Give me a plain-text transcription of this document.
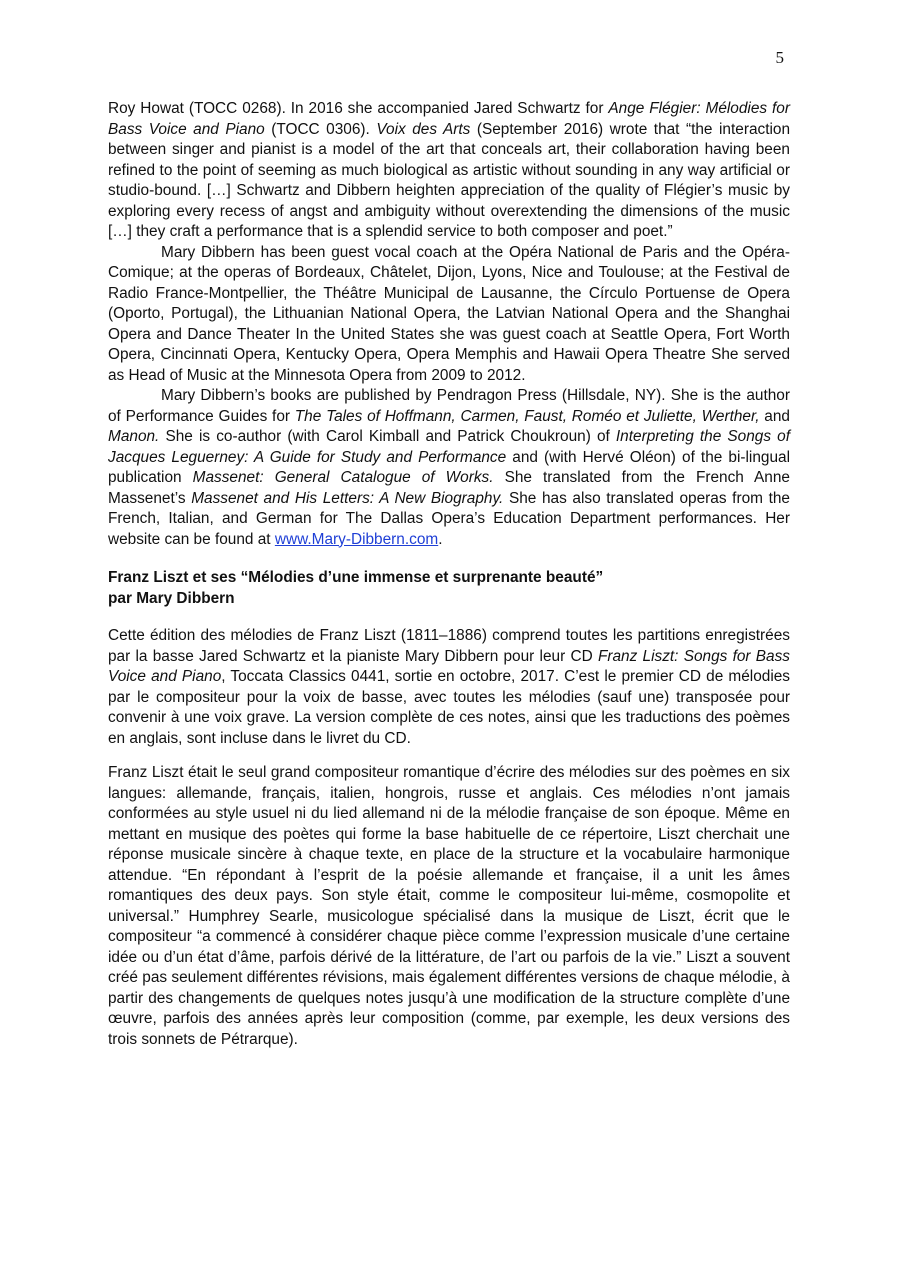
5

Roy Howat (TOCC 0268). In 2016 she accompanied Jared Schwartz for Ange Flégier: Mélodies for Bass Voice and Piano (TOCC 0306). Voix des Arts (September 2016) wrote that “the interaction between singer and pianist is a model of the art that conceals art, their collaboration having been refined to the point of seeming as much biological as artistic without sounding in any way artificial or studio-bound. […] Schwartz and Dibbern heighten appreciation of the quality of Flégier’s music by exploring every recess of angst and ambiguity without overextending the dimensions of the music […] they craft a performance that is a splendid service to both composer and poet.”

Mary Dibbern has been guest vocal coach at the Opéra National de Paris and the Opéra-Comique; at the operas of Bordeaux, Châtelet, Dijon, Lyons, Nice and Toulouse; at the Festival de Radio France-Montpellier, the Théâtre Municipal de Lausanne, the Círculo Portuense de Opera (Oporto, Portugal), the Lithuanian National Opera, the Latvian National Opera and the Shanghai Opera and Dance Theater In the United States she was guest coach at Seattle Opera, Fort Worth Opera, Cincinnati Opera, Kentucky Opera, Opera Memphis and Hawaii Opera Theatre She served as Head of Music at the Minnesota Opera from 2009 to 2012.

Mary Dibbern’s books are published by Pendragon Press (Hillsdale, NY). She is the author of Performance Guides for The Tales of Hoffmann, Carmen, Faust, Roméo et Juliette, Werther, and Manon. She is co-author (with Carol Kimball and Patrick Choukroun) of Interpreting the Songs of Jacques Leguerney: A Guide for Study and Performance and (with Hervé Oléon) of the bi-lingual publication Massenet: General Catalogue of Works. She translated from the French Anne Massenet’s Massenet and His Letters: A New Biography. She has also translated operas from the French, Italian, and German for The Dallas Opera’s Education Department performances. Her website can be found at www.Mary-Dibbern.com.

Franz Liszt et ses “Mélodies d’une immense et surprenante beauté”

par Mary Dibbern

Cette édition des mélodies de Franz Liszt (1811–1886) comprend toutes les partitions enregistrées par la basse Jared Schwartz et la pianiste Mary Dibbern pour leur CD Franz Liszt: Songs for Bass Voice and Piano, Toccata Classics 0441, sortie en octobre, 2017. C’est le premier CD de mélodies par le compositeur pour la voix de basse, avec toutes les mélodies (sauf une) transposée pour convenir à une voix grave. La version complète de ces notes, ainsi que les traductions des poèmes en anglais, sont incluse dans le livret du CD.

Franz Liszt était le seul grand compositeur romantique d’écrire des mélodies sur des poèmes en six langues: allemande, français, italien, hongrois, russe et anglais. Ces mélodies n’ont jamais conformées au style usuel ni du lied allemand ni de la mélodie française de son époque. Même en mettant en musique des poètes qui forme la base habituelle de ce répertoire, Liszt cherchait une réponse musicale sincère à chaque texte, en place de la structure et la vocabulaire harmonique attendue. “En répondant à l’esprit de la poésie allemande et française, il a unit les âmes romantiques des deux pays. Son style était, comme le compositeur lui-même, cosmopolite et universal.” Humphrey Searle, musicologue spécialisé dans la musique de Liszt, écrit que le compositeur “a commencé à considérer chaque pièce comme l’expression musicale d’une certaine idée ou d’un état d’âme, parfois dérivé de la littérature, de l’art ou parfois de la vie.” Liszt a souvent créé pas seulement différentes révisions, mais également différentes versions de chaque mélodie, à partir des changements de quelques notes jusqu’à une modification de la structure complète d’une œuvre, parfois des années après leur composition (comme, par exemple, les deux versions des trois sonnets de Pétrarque).
